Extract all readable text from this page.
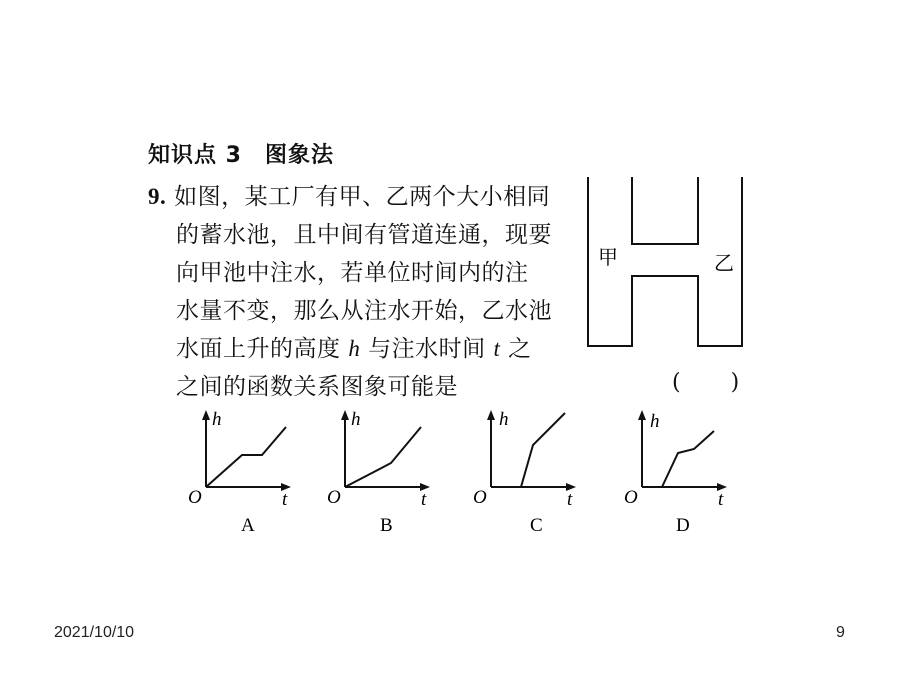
知识点 3　图象法
9. 如图，某工厂有甲、乙两个大小相同
的蓄水池，且中间有管道连通，现要
向甲池中注水，若单位时间内的注
水量不变，那么从注水开始，乙水池
水面上升的高度 h 与注水时间 t 之
之间的函数关系图象可能是	( )
甲	乙
h
O	t
A
h
O	t
B
h
O	t
C
h
O	t
D
2021/10/10	9
